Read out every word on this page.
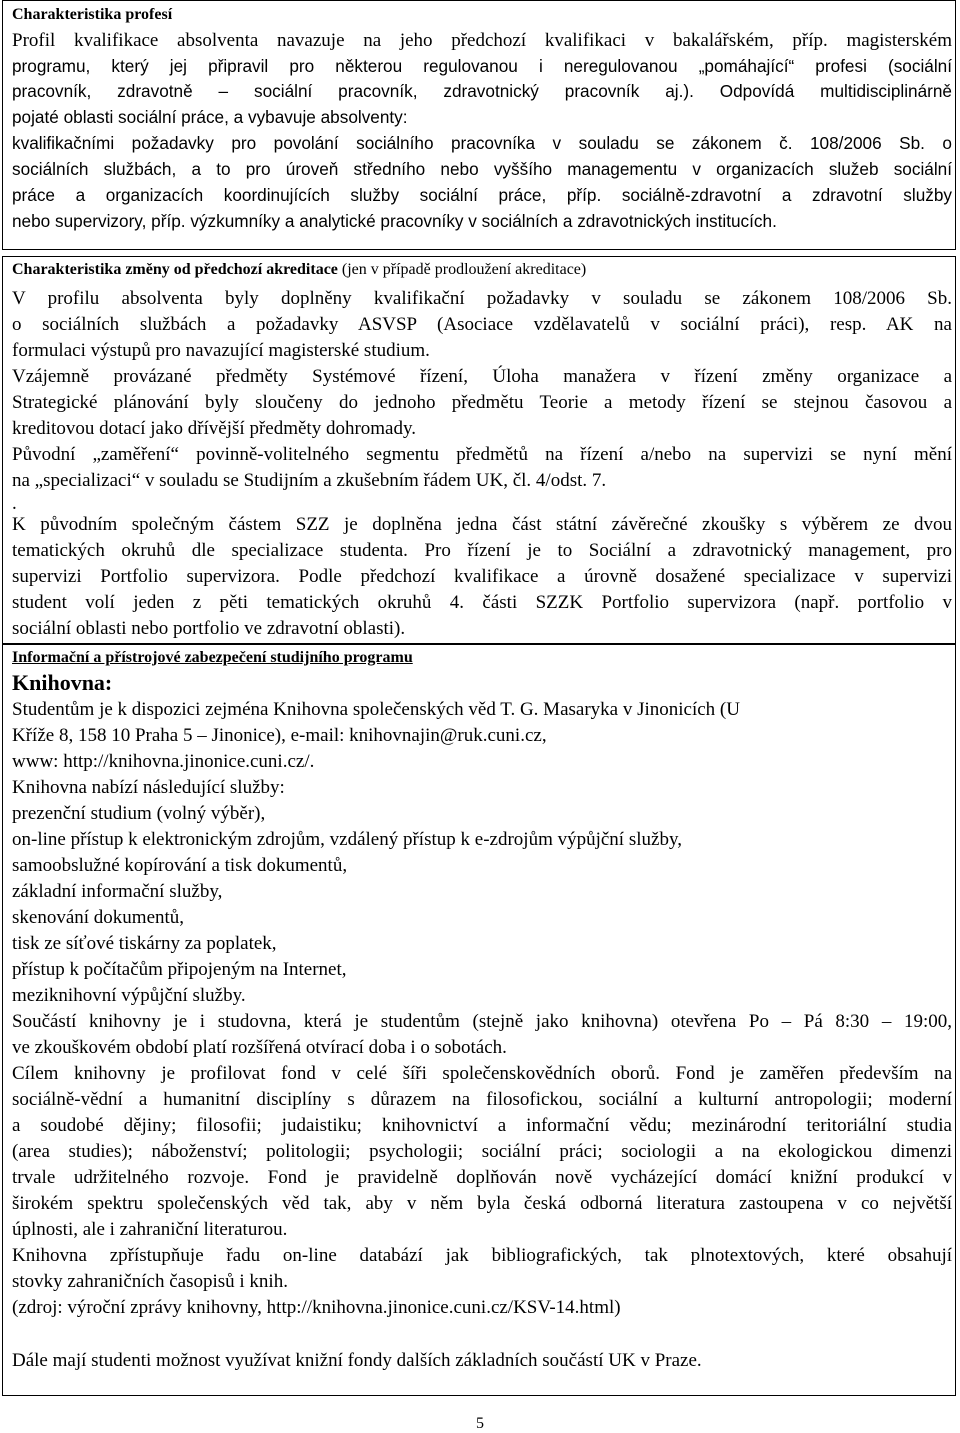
Charakteristika profesí
Profil kvalifikace absolventa navazuje na jeho předchozí kvalifikaci v bakalářském, příp. magisterském
programu, který jej připravil pro některou regulovanou i neregulovanou „pomáhající“ profesi (sociální
pracovník, zdravotně – sociální pracovník, zdravotnický pracovník aj.). Odpovídá multidisciplinárně
pojaté oblasti sociální práce, a vybavuje absolventy:
kvalifikačními požadavky pro povolání sociálního pracovníka v souladu se zákonem č. 108/2006 Sb. o
sociálních službách, a to pro úroveň středního nebo vyššího managementu v organizacích služeb sociální
práce a organizacích koordinujících služby sociální práce, příp. sociálně-zdravotní a zdravotní služby
nebo supervizory, příp. výzkumníky a analytické pracovníky v sociálních a zdravotnických institucích.
Charakteristika změny od předchozí akreditace (jen v případě prodloužení akreditace)
V profilu absolventa byly doplněny kvalifikační požadavky v souladu se zákonem 108/2006 Sb.
o sociálních službách a požadavky ASVSP (Asociace vzdělavatelů v sociální práci), resp. AK na
formulaci výstupů pro navazující magisterské studium.
Vzájemně provázané předměty Systémové řízení, Úloha manažera v řízení změny organizace a
Strategické plánování byly sloučeny do jednoho předmětu Teorie a metody řízení se stejnou časovou a
kreditovou dotací jako dřívější předměty dohromady.
Původní „zaměření“ povinně-volitelného segmentu předmětů na řízení a/nebo na supervizi se nyní mění
na „specializaci“ v souladu se Studijním a zkušebním řádem UK, čl. 4/odst. 7.
.
K původním společným částem SZZ je doplněna jedna část státní závěrečné zkoušky s výběrem ze dvou
tematických okruhů dle specializace studenta. Pro řízení je to Sociální a zdravotnický management, pro
supervizi Portfolio supervizora. Podle předchozí kvalifikace a úrovně dosažené specializace v supervizi
student volí jeden z pěti tematických okruhů 4. části SZZK Portfolio supervizora (např. portfolio v
sociální oblasti nebo portfolio ve zdravotní oblasti).
Informační a přístrojové zabezpečení studijního programu
Knihovna:
Studentům je k dispozici zejména Knihovna společenských věd T. G. Masaryka v Jinonicích (U
Kříže 8, 158 10 Praha 5 – Jinonice), e-mail: knihovnajin@ruk.cuni.cz,
www: http://knihovna.jinonice.cuni.cz/.
Knihovna nabízí následující služby:
prezenční studium (volný výběr),
on-line přístup k elektronickým zdrojům, vzdálený přístup k e-zdrojům výpůjční služby,
samoobslužné kopírování a tisk dokumentů,
základní informační služby,
skenování dokumentů,
tisk ze síťové tiskárny za poplatek,
přístup k počítačům připojeným na Internet,
meziknihovní výpůjční služby.
Součástí knihovny je i studovna, která je studentům (stejně jako knihovna) otevřena Po – Pá 8:30 – 19:00,
ve zkouškovém období platí rozšířená otvírací doba i o sobotách.
Cílem knihovny je profilovat fond v celé šíři společenskovědních oborů. Fond je zaměřen především na
sociálně-vědní a humanitní disciplíny s důrazem na filosofickou, sociální a kulturní antropologii; moderní
a soudobé dějiny; filosofii; judaistiku; knihovnictví a informační vědu; mezinárodní teritoriální studia
(area studies); náboženství; politologii; psychologii; sociální práci; sociologii a na ekologickou dimenzi
trvale udržitelného rozvoje. Fond je pravidelně doplňován nově vycházející domácí knižní produkcí v
širokém spektru společenských věd tak, aby v něm byla česká odborná literatura zastoupena v co největší
úplnosti, ale i zahraniční literaturou.
Knihovna zpřístupňuje řadu on-line databází jak bibliografických, tak plnotextových, které obsahují
stovky zahraničních časopisů i knih.
(zdroj: výroční zprávy knihovny, http://knihovna.jinonice.cuni.cz/KSV-14.html)
Dále mají studenti možnost využívat knižní fondy dalších základních součástí UK v Praze.
5
